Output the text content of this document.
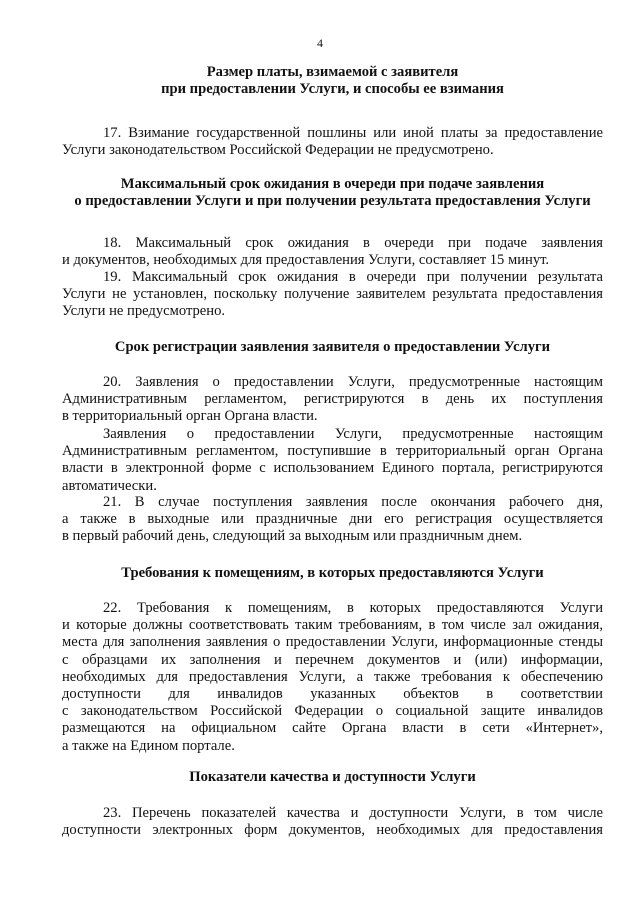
4

Размер платы, взимаемой с заявителя

при предоставлении Услуги, и способы ее взимания

17. Взимание государственной пошлины или иной платы за предоставление

Услуги законодательством Российской Федерации не предусмотрено.

Максимальный срок ожидания в очереди при подаче заявления

о предоставлении Услуги и при получении результата предоставления Услуги

18. Максимальный срок ожидания в очереди при подаче заявления

и документов, необходимых для предоставления Услуги, составляет 15 минут.

19. Максимальный срок ожидания в очереди при получении результата

Услуги не установлен, поскольку получение заявителем результата предоставления

Услуги не предусмотрено.

Срок регистрации заявления заявителя о предоставлении Услуги

20. Заявления о предоставлении Услуги, предусмотренные настоящим

Административным регламентом, регистрируются в день их поступления

в территориальный орган Органа власти.

Заявления о предоставлении Услуги, предусмотренные настоящим

Административным регламентом, поступившие в территориальный орган Органа

власти в электронной форме с использованием Единого портала, регистрируются

автоматически.

21. В случае поступления заявления после окончания рабочего дня,

а также в выходные или праздничные дни его регистрация осуществляется

в первый рабочий день, следующий за выходным или праздничным днем.

Требования к помещениям, в которых предоставляются Услуги

22. Требования к помещениям, в которых предоставляются Услуги

и которые должны соответствовать таким требованиям, в том числе зал ожидания,

места для заполнения заявления о предоставлении Услуги, информационные стенды

с образцами их заполнения и перечнем документов и (или) информации,

необходимых для предоставления Услуги, а также требования к обеспечению

доступности для инвалидов указанных объектов в соответствии

с законодательством Российской Федерации о социальной защите инвалидов

размещаются на официальном сайте Органа власти в сети «Интернет»,

а также на Едином портале.

Показатели качества и доступности Услуги

23. Перечень показателей качества и доступности Услуги, в том числе

доступности электронных форм документов, необходимых для предоставления
